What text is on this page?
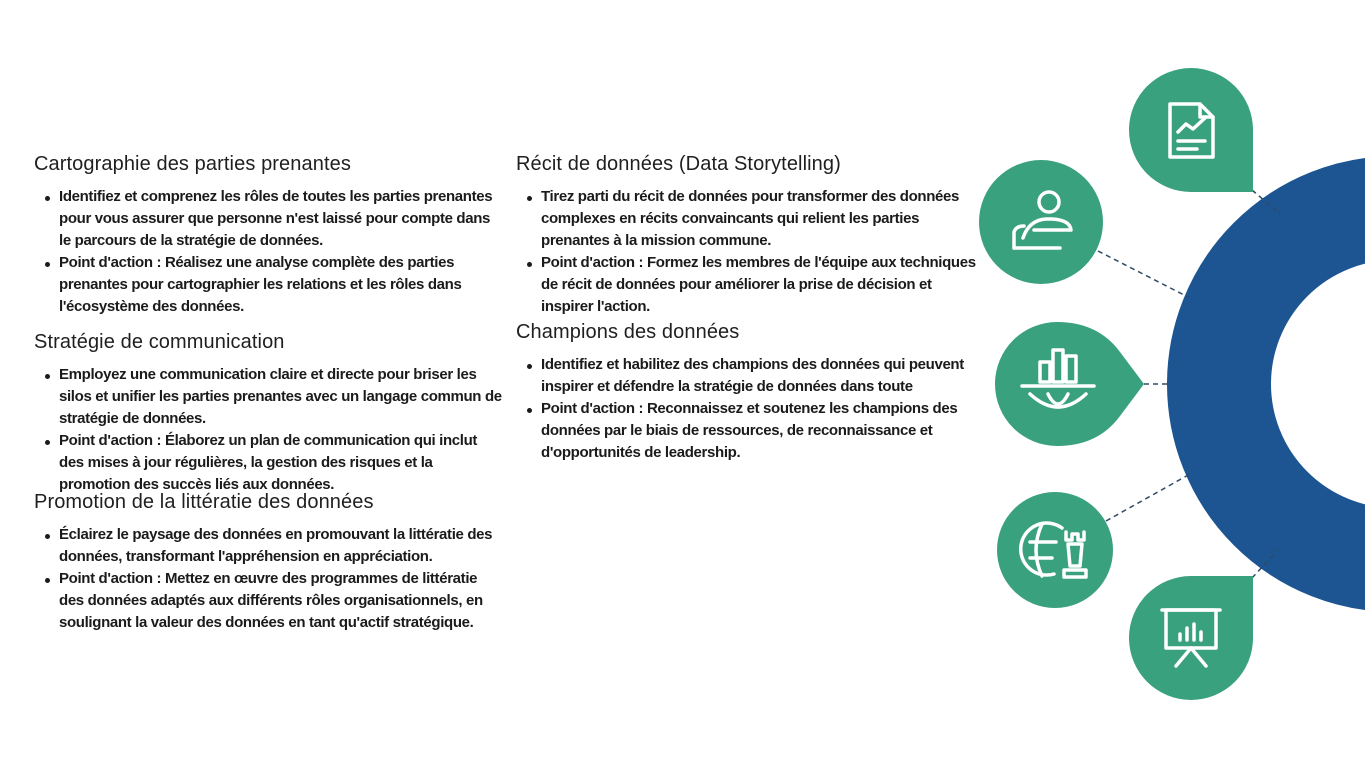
Cartographie des parties prenantes
Identifiez et comprenez les rôles de toutes les parties prenantes pour vous assurer que personne n'est laissé pour compte dans le parcours de la stratégie de données.
Point d'action : Réalisez une analyse complète des parties prenantes pour cartographier les relations et les rôles dans l'écosystème des données.
Stratégie de communication
Employez une communication claire et directe pour briser les silos et unifier les parties prenantes avec un langage commun de stratégie de données.
Point d'action : Élaborez un plan de communication qui inclut des mises à jour régulières, la gestion des risques et la promotion des succès liés aux données.
Promotion de la littératie des données
Éclairez le paysage des données en promouvant la littératie des données, transformant l'appréhension en appréciation.
Point d'action : Mettez en œuvre des programmes de littératie des données adaptés aux différents rôles organisationnels, en soulignant la valeur des données en tant qu'actif stratégique.
Récit de données (Data Storytelling)
Tirez parti du récit de données pour transformer des données complexes en récits convaincants qui relient les parties prenantes à la mission commune.
Point d'action : Formez les membres de l'équipe aux techniques de récit de données pour améliorer la prise de décision et inspirer l'action.
Champions des données
Identifiez et habilitez des champions des données qui peuvent inspirer et défendre la stratégie de données dans toute
Point d'action : Reconnaissez et soutenez les champions des données par le biais de ressources, de reconnaissance et d'opportunités de leadership.
